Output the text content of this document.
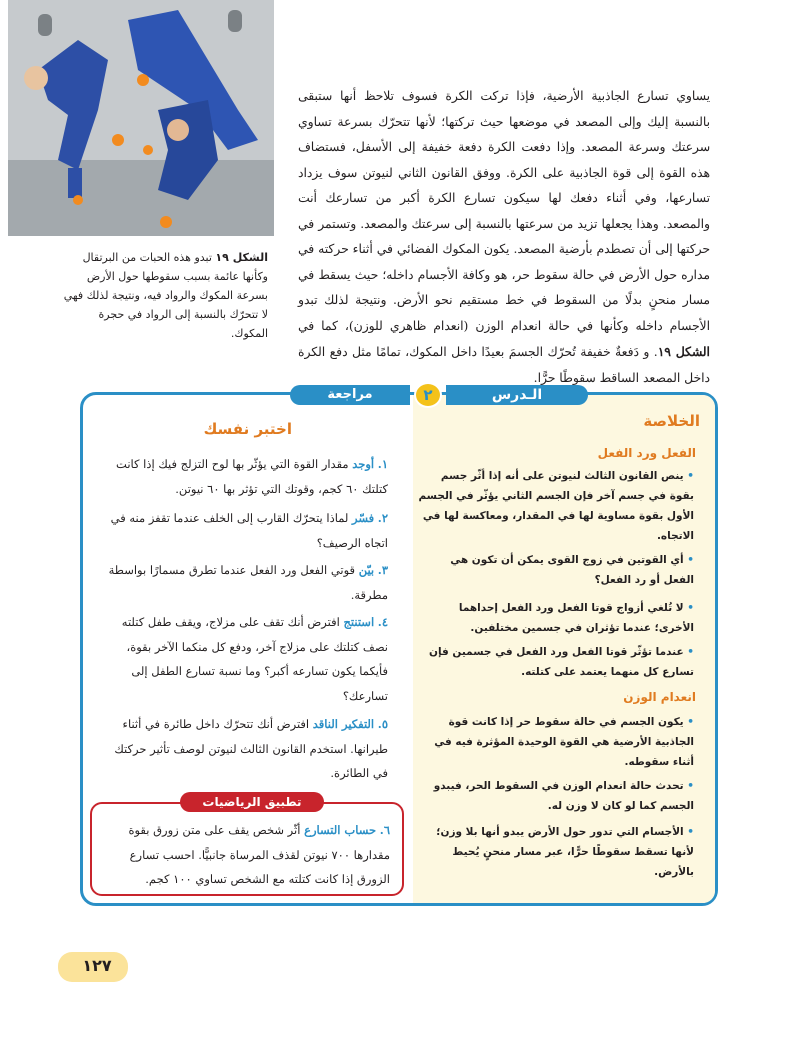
الشكل ١٩ تبدو هذه الحبات من البرتقال وكأنها عائمة بسبب سقوطها حول الأرض بسرعة المكوك والرواد فيه، ونتيجة لذلك فهي لا تتحرّك بالنسبة إلى الرواد في حجرة المكوك.
يساوي تسارع الجاذبية الأرضية، فإذا تركت الكرة فسوف تلاحظ أنها ستبقى بالنسبة إليك وإلى المصعد في موضعها حيث تركتها؛ لأنها تتحرّك بسرعة تساوي سرعتك وسرعة المصعد. وإذا دفعت الكرة دفعة خفيفة إلى الأسفل، فستضاف هذه القوة إلى قوة الجاذبية على الكرة. ووفق القانون الثاني لنيوتن سوف يزداد تسارعها، وفي أثناء دفعك لها سيكون تسارع الكرة أكبر من تسارعك أنت والمصعد. وهذا يجعلها تزيد من سرعتها بالنسبة إلى سرعتك والمصعد. وتستمر في حركتها إلى أن تصطدم بأرضية المصعد. يكون المكوك الفضائي في أثناء حركته في مداره حول الأرض في حالة سقوط حر، هو وكافة الأجسام داخله؛ حيث يسقط في مسار منحنٍ بدلًا من السقوط في خط مستقيم نحو الأرض. ونتيجة لذلك تبدو الأجسام داخله وكأنها في حالة انعدام الوزن (انعدام ظاهري للوزن)، كما في الشكل ١٩. و دَفعةٌ خفيفة تُحرّك الجسمَ بعيدًا داخل المكوك، تمامًا مثل دفع الكرة داخل المصعد الساقط سقوطًا حرًّا.
مراجعة	٢	الـدرس
الخلاصة
الفعل ورد الفعل
• ينص القانون الثالث لنيوتن على أنه إذا أثّر جسم بقوة في جسم آخر فإن الجسم الثاني يؤثّر في الجسم الأول بقوة مساوية لها في المقدار، ومعاكسة لها في الاتجاه.
• أي القوتين في زوج القوى يمكن أن تكون هي الفعل أو رد الفعل؟
• لا تُلغي أزواج قوتا الفعل ورد الفعل إحداهما الأخرى؛ عندما تؤثران في جسمين مختلفين.
• عندما تؤثّر قوتا الفعل ورد الفعل في جسمين فإن تسارع كل منهما يعتمد على كتلته.
انعدام الوزن
• يكون الجسم في حالة سقوط حر إذا كانت قوة الجاذبية الأرضية هي القوة الوحيدة المؤثرة فيه في أثناء سقوطه.
• تحدث حالة انعدام الوزن في السقوط الحر، فيبدو الجسم كما لو كان لا وزن له.
• الأجسام التي تدور حول الأرض يبدو أنها بلا وزن؛ لأنها تسقط سقوطًا حرًّا، عبر مسار منحنٍ يُحيط بالأرض.
اختبر نفسك
١. أوجد مقدار القوة التي يؤثّر بها لوح التزلج فيك إذا كانت كتلتك ٦٠ كجم، وقوتك التي تؤثر بها ٦٠ نيوتن.
٢. فسّر لماذا يتحرّك القارب إلى الخلف عندما تقفز منه في اتجاه الرصيف؟
٣. بيّن قوتي الفعل ورد الفعل عندما تطرق مسمارًا بواسطة مطرقة.
٤. استنتج افترض أنك تقف على مزلاج، ويقف طفل كتلته نصف كتلتك على مزلاج آخر، ودفع كل منكما الآخر بقوة، فأيكما يكون تسارعه أكبر؟ وما نسبة تسارع الطفل إلى تسارعك؟
٥. التفكير الناقد افترض أنك تتحرّك داخل طائرة في أثناء طيرانها. استخدم القانون الثالث لنيوتن لوصف تأثير حركتك في الطائرة.
تطبيق الرياضيات
٦. حساب التسارع أثّر شخص يقف على متن زورق بقوة مقدارها ٧٠٠ نيوتن لقذف المرساة جانبيًّا. احسب تسارع الزورق إذا كانت كتلته مع الشخص تساوي ١٠٠ كجم.
١٢٧
